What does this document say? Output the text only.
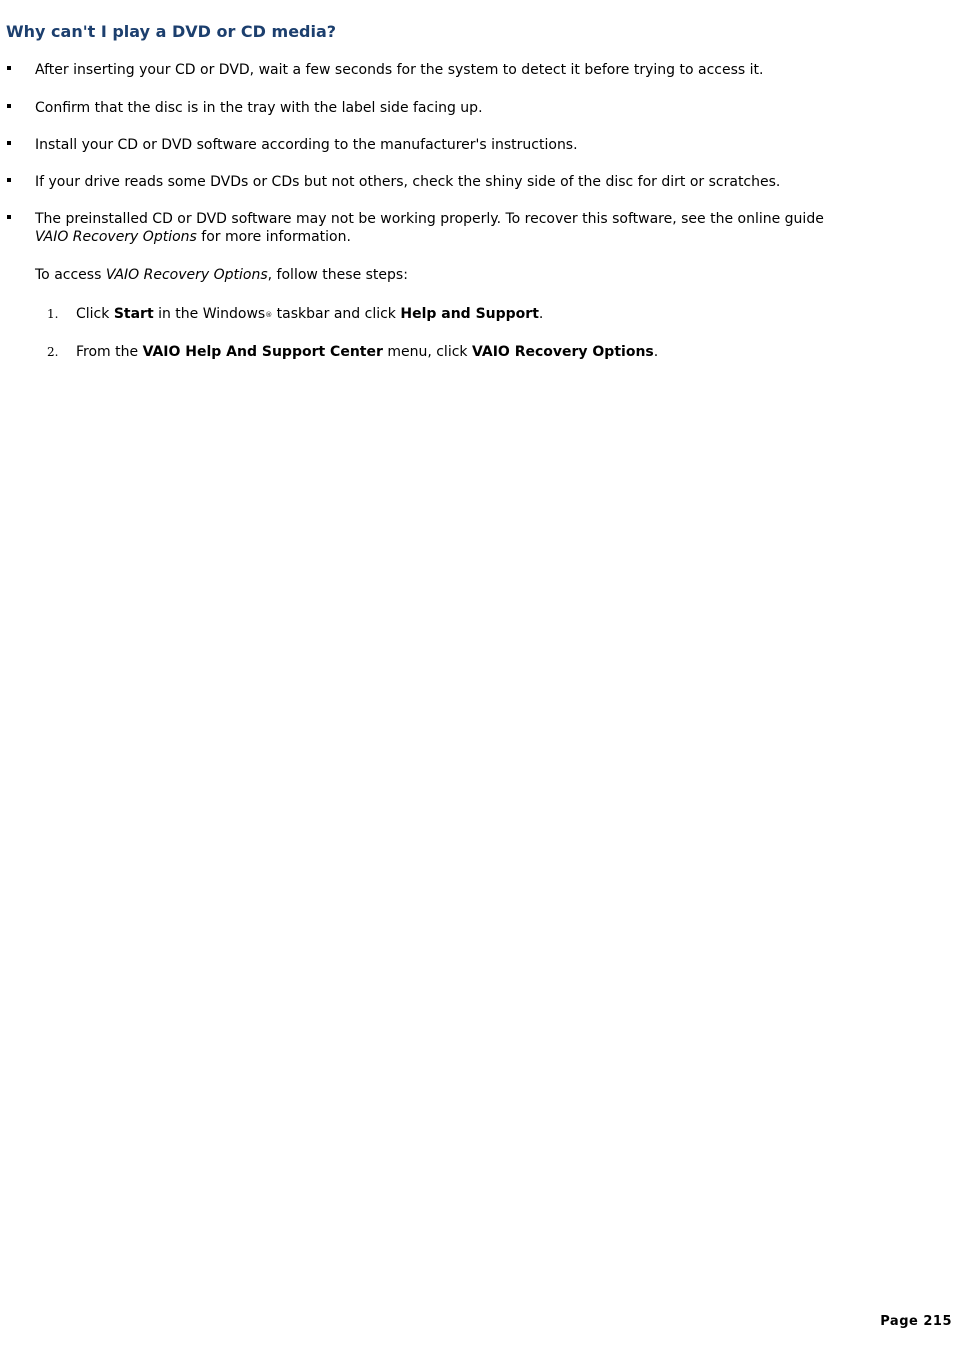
Why can't I play a DVD or CD media?
After inserting your CD or DVD, wait a few seconds for the system to detect it before trying to access it.
Confirm that the disc is in the tray with the label side facing up.
Install your CD or DVD software according to the manufacturer's instructions.
If your drive reads some DVDs or CDs but not others, check the shiny side of the disc for dirt or scratches.
The preinstalled CD or DVD software may not be working properly. To recover this software, see the online guide
VAIO Recovery Options for more information.

To access VAIO Recovery Options, follow these steps:

1. Click Start in the Windows® taskbar and click Help and Support.
2. From the VAIO Help And Support Center menu, click VAIO Recovery Options.
Page 215
